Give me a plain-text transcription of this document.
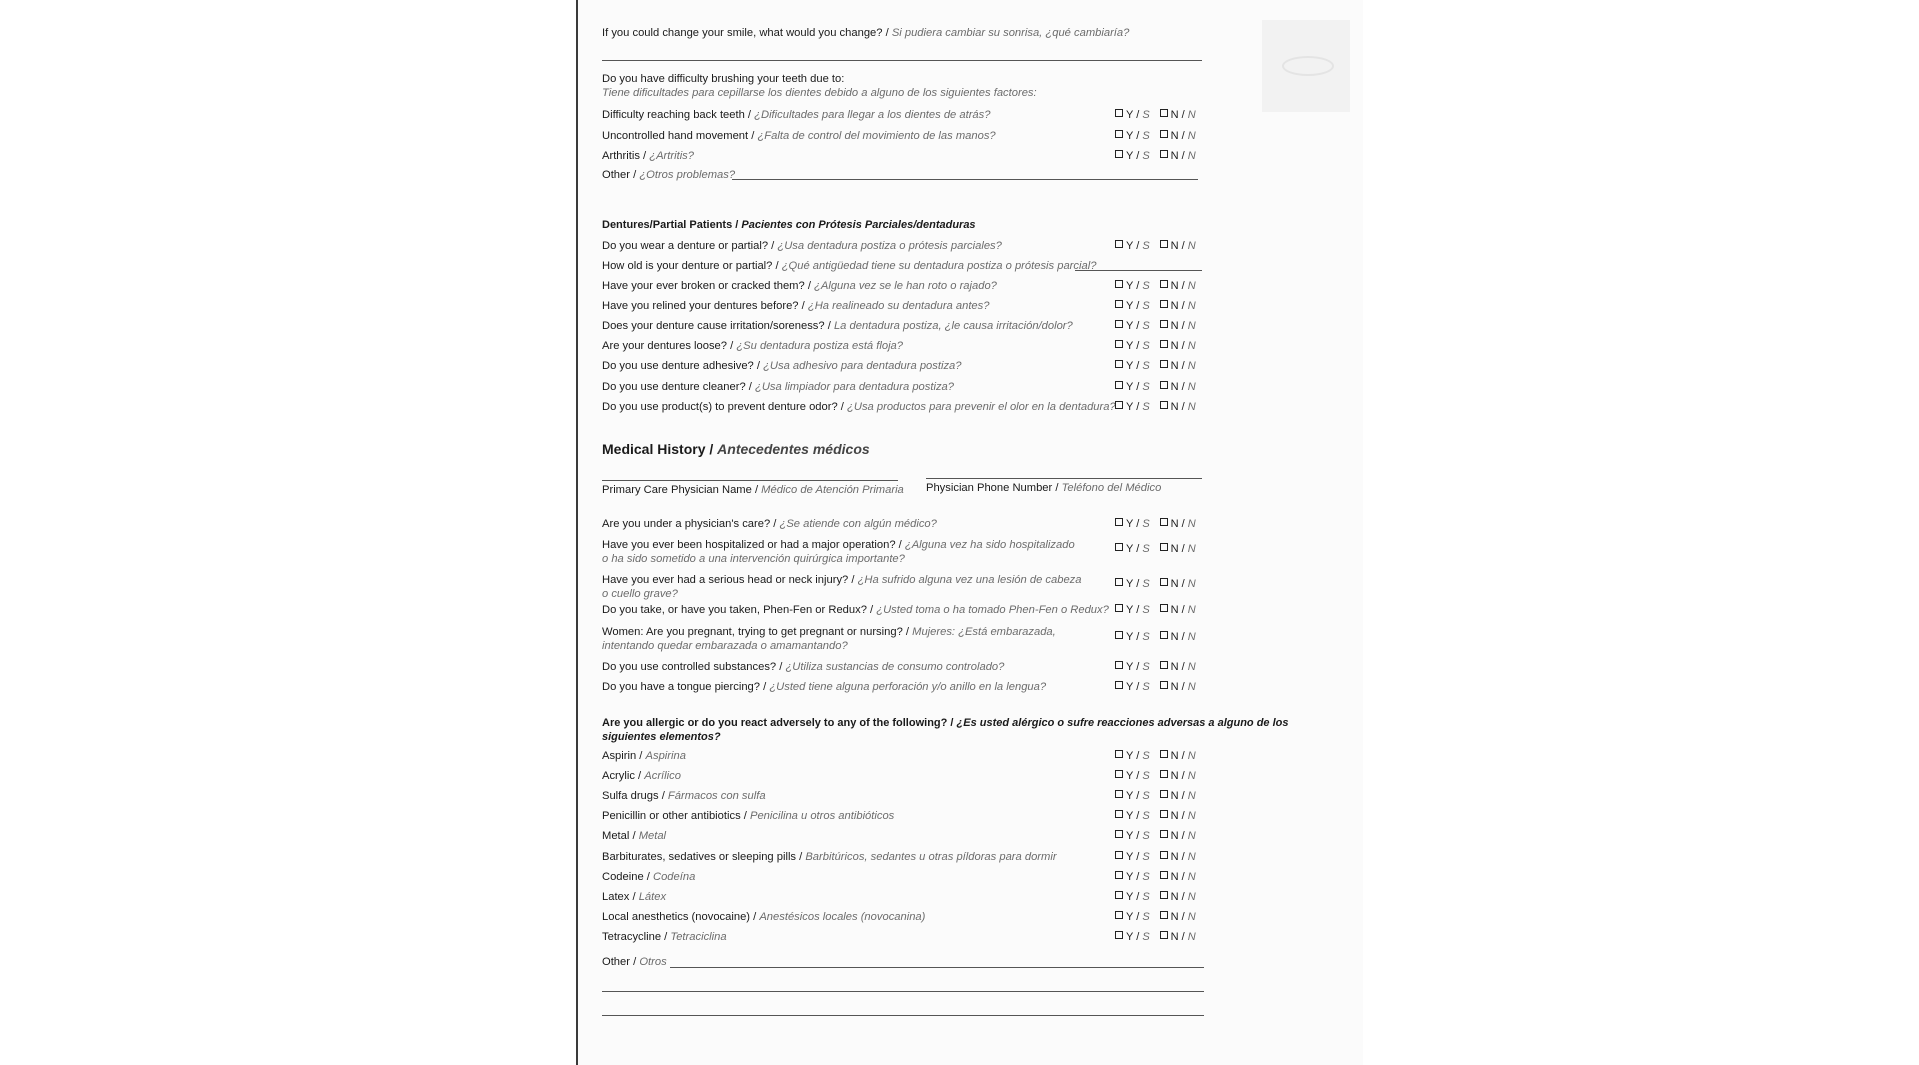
If you could change your smile, what would you change? / Si pudiera cambiar su sonrisa, ¿qué cambiaría?
Do you have difficulty brushing your teeth due to:
Tiene dificultades para cepillarse los dientes debido a alguno de los siguientes factores:
Difficulty reaching back teeth / ¿Dificultades para llegar a los dientes de atrás?	Y / S N / N
Uncontrolled hand movement / ¿Falta de control del movimiento de las manos?	Y / S N / N
Arthritis / ¿Artritis?	Y / S N / N
Other / ¿Otros problemas?
Dentures/Partial Patients / Pacientes con Prótesis Parciales/dentaduras
Do you wear a denture or partial? / ¿Usa dentadura postiza o prótesis parciales?	Y / S N / N
How old is your denture or partial? / ¿Qué antigüedad tiene su dentadura postiza o prótesis parcial?
Have your ever broken or cracked them? / ¿Alguna vez se le han roto o rajado?	Y / S N / N
Have you relined your dentures before? / ¿Ha realineado su dentadura antes?	Y / S N / N
Does your denture cause irritation/soreness? / La dentadura postiza, ¿le causa irritación/dolor?	Y / S N / N
Are your dentures loose? / ¿Su dentadura postiza está floja?	Y / S N / N
Do you use denture adhesive? / ¿Usa adhesivo para dentadura postiza?	Y / S N / N
Do you use denture cleaner? / ¿Usa limpiador para dentadura postiza?	Y / S N / N
Do you use product(s) to prevent denture odor? / ¿Usa productos para prevenir el olor en la dentadura? Y / S N / N
Medical History / Antecedentes médicos
Primary Care Physician Name / Médico de Atención Primaria Physician Phone Number / Teléfono del Médico
Are you under a physician's care? / ¿Se atiende con algún médico?	Y / S N / N
Have you ever been hospitalized or had a major operation? / ¿Alguna vez ha sido hospitalizado o ha sido sometido a una intervención quirúrgica importante?
Y / S N / N
Have you ever had a serious head or neck injury? / ¿Ha sufrido alguna vez una lesión de cabeza o cuello grave?
Y / S N / N
Do you take, or have you taken, Phen-Fen or Redux? / ¿Usted toma o ha tomado Phen-Fen o Redux?	Y / S N / N
Women: Are you pregnant, trying to get pregnant or nursing? / Mujeres: ¿Está embarazada, intentando quedar embarazada o amamantando?
Y / S N / N
Do you use controlled substances? / ¿Utiliza sustancias de consumo controlado?	Y / S N / N
Do you have a tongue piercing? / ¿Usted tiene alguna perforación y/o anillo en la lengua?	Y / S N / N
Are you allergic or do you react adversely to any of the following? / ¿Es usted alérgico o sufre reacciones adversas a alguno de los siguientes elementos?
Aspirin / Aspirina	Y / S N / N
Acrylic / Acrílico	Y / S N / N
Sulfa drugs / Fármacos con sulfa	Y / S N / N
Penicillin or other antibiotics / Penicilina u otros antibióticos	Y / S N / N
Metal / Metal	Y / S N / N
Barbiturates, sedatives or sleeping pills / Barbitúricos, sedantes u otras píldoras para dormir	Y / S N / N
Codeine / Codeína	Y / S N / N
Latex / Látex	Y / S N / N
Local anesthetics (novocaine) / Anestésicos locales (novocanina)	Y / S N / N
Tetracycline / Tetraciclina	Y / S N / N
Other / Otros
